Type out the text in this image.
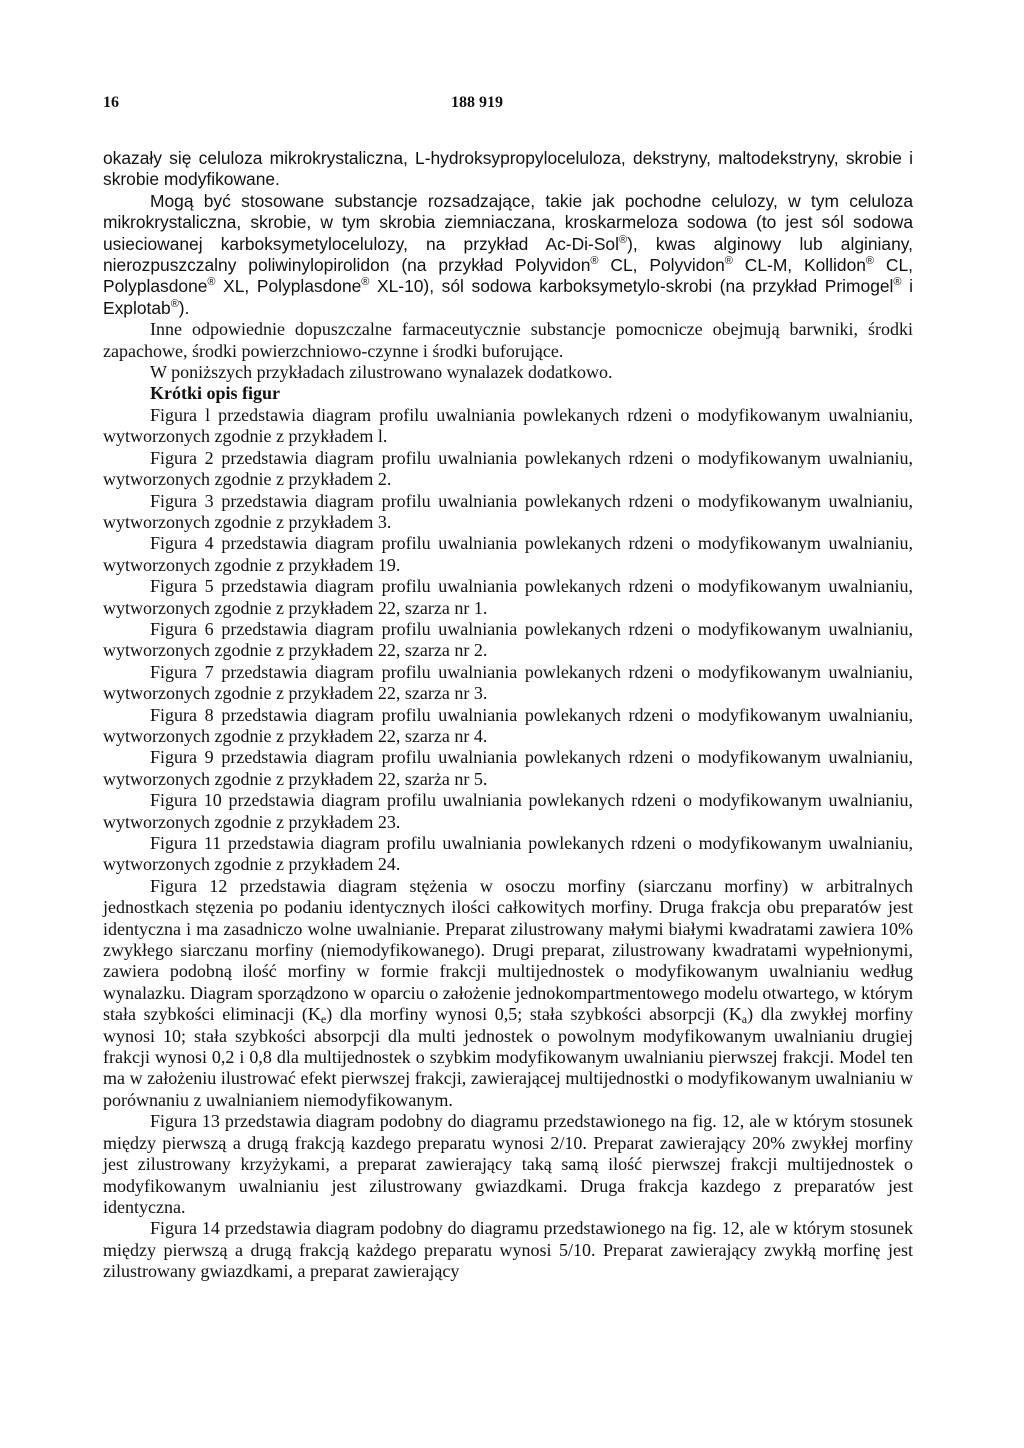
16	188 919

okazały się celuloza mikrokrystaliczna, L-hydroksypropyloceluloza, dekstryny, maltodekstryny, skrobie i skrobie modyfikowane.

Mogą być stosowane substancje rozsadzające, takie jak pochodne celulozy, w tym celuloza mikrokrystaliczna, skrobie, w tym skrobia ziemniaczana, kroskarmeloza sodowa (to jest sól sodowa usieciowanej karboksymetylocelulozy, na przykład Ac-Di-Sol®), kwas alginowy lub alginiany, nierozpuszczalny poliwinylopirolidon (na przykład Polyvidon® CL, Polyvidon® CL-M, Kollidon® CL, Polyplasdone® XL, Polyplasdone® XL-10), sól sodowa karboksymetylo-skrobi (na przykład Primogel® i Explotab®).

Inne odpowiednie dopuszczalne farmaceutycznie substancje pomocnicze obejmują barwniki, środki zapachowe, środki powierzchniowo-czynne i środki buforujące.

W poniższych przykładach zilustrowano wynalazek dodatkowo.

Krótki opis figur

Figura l przedstawia diagram profilu uwalniania powlekanych rdzeni o modyfikowanym uwalnianiu, wytworzonych zgodnie z przykładem l.

Figura 2 przedstawia diagram profilu uwalniania powlekanych rdzeni o modyfikowanym uwalnianiu, wytworzonych zgodnie z przykładem 2.

Figura 3 przedstawia diagram profilu uwalniania powlekanych rdzeni o modyfikowanym uwalnianiu, wytworzonych zgodnie z przykładem 3.

Figura 4 przedstawia diagram profilu uwalniania powlekanych rdzeni o modyfikowanym uwalnianiu, wytworzonych zgodnie z przykładem 19.

Figura 5 przedstawia diagram profilu uwalniania powlekanych rdzeni o modyfikowanym uwalnianiu, wytworzonych zgodnie z przykładem 22, szarza nr 1.

Figura 6 przedstawia diagram profilu uwalniania powlekanych rdzeni o modyfikowanym uwalnianiu, wytworzonych zgodnie z przykładem 22, szarza nr 2.

Figura 7 przedstawia diagram profilu uwalniania powlekanych rdzeni o modyfikowanym uwalnianiu, wytworzonych zgodnie z przykładem 22, szarza nr 3.

Figura 8 przedstawia diagram profilu uwalniania powlekanych rdzeni o modyfikowanym uwalnianiu, wytworzonych zgodnie z przykładem 22, szarza nr 4.

Figura 9 przedstawia diagram profilu uwalniania powlekanych rdzeni o modyfikowanym uwalnianiu, wytworzonych zgodnie z przykładem 22, szarża nr 5.

Figura 10 przedstawia diagram profilu uwalniania powlekanych rdzeni o modyfikowanym uwalnianiu, wytworzonych zgodnie z przykładem 23.

Figura 11 przedstawia diagram profilu uwalniania powlekanych rdzeni o modyfikowanym uwalnianiu, wytworzonych zgodnie z przykładem 24.

Figura 12 przedstawia diagram stężenia w osoczu morfiny (siarczanu morfiny) w arbitralnych jednostkach stęzenia po podaniu identycznych ilości całkowitych morfiny. Druga frakcja obu preparatów jest identyczna i ma zasadniczo wolne uwalnianie. Preparat zilustrowany małymi białymi kwadratami zawiera 10% zwykłego siarczanu morfiny (niemodyfikowanego). Drugi preparat, zilustrowany kwadratami wypełnionymi, zawiera podobną ilość morfiny w formie frakcji multijednostek o modyfikowanym uwalnianiu według wynalazku. Diagram sporządzono w oparciu o założenie jednokompartmentowego modelu otwartego, w którym stała szybkości eliminacji $(K_e)$ dla morfiny wynosi 0,5; stała szybkości absorpcji $(K_a)$ dla zwykłej morfiny wynosi 10; stała szybkości absorpcji dla multi jednostek o powolnym modyfikowanym uwalnianiu drugiej frakcji wynosi 0,2 i 0,8 dla multijednostek o szybkim modyfikowanym uwalnianiu pierwszej frakcji. Model ten ma w założeniu ilustrować efekt pierwszej frakcji, zawierającej multijednostki o modyfikowanym uwalnianiu w porównaniu z uwalnianiem niemodyfikowanym.

Figura 13 przedstawia diagram podobny do diagramu przedstawionego na fig. 12, ale w którym stosunek między pierwszą a drugą frakcją kazdego preparatu wynosi 2/10. Preparat zawierający 20% zwykłej morfiny jest zilustrowany krzyżykami, a preparat zawierający taką samą ilość pierwszej frakcji multijednostek o modyfikowanym uwalnianiu jest zilustrowany gwiazdkami. Druga frakcja kazdego z preparatów jest identyczna.

Figura 14 przedstawia diagram podobny do diagramu przedstawionego na fig. 12, ale w którym stosunek między pierwszą a drugą frakcją każdego preparatu wynosi 5/10. Preparat zawierający zwykłą morfinę jest zilustrowany gwiazdkami, a preparat zawierający
